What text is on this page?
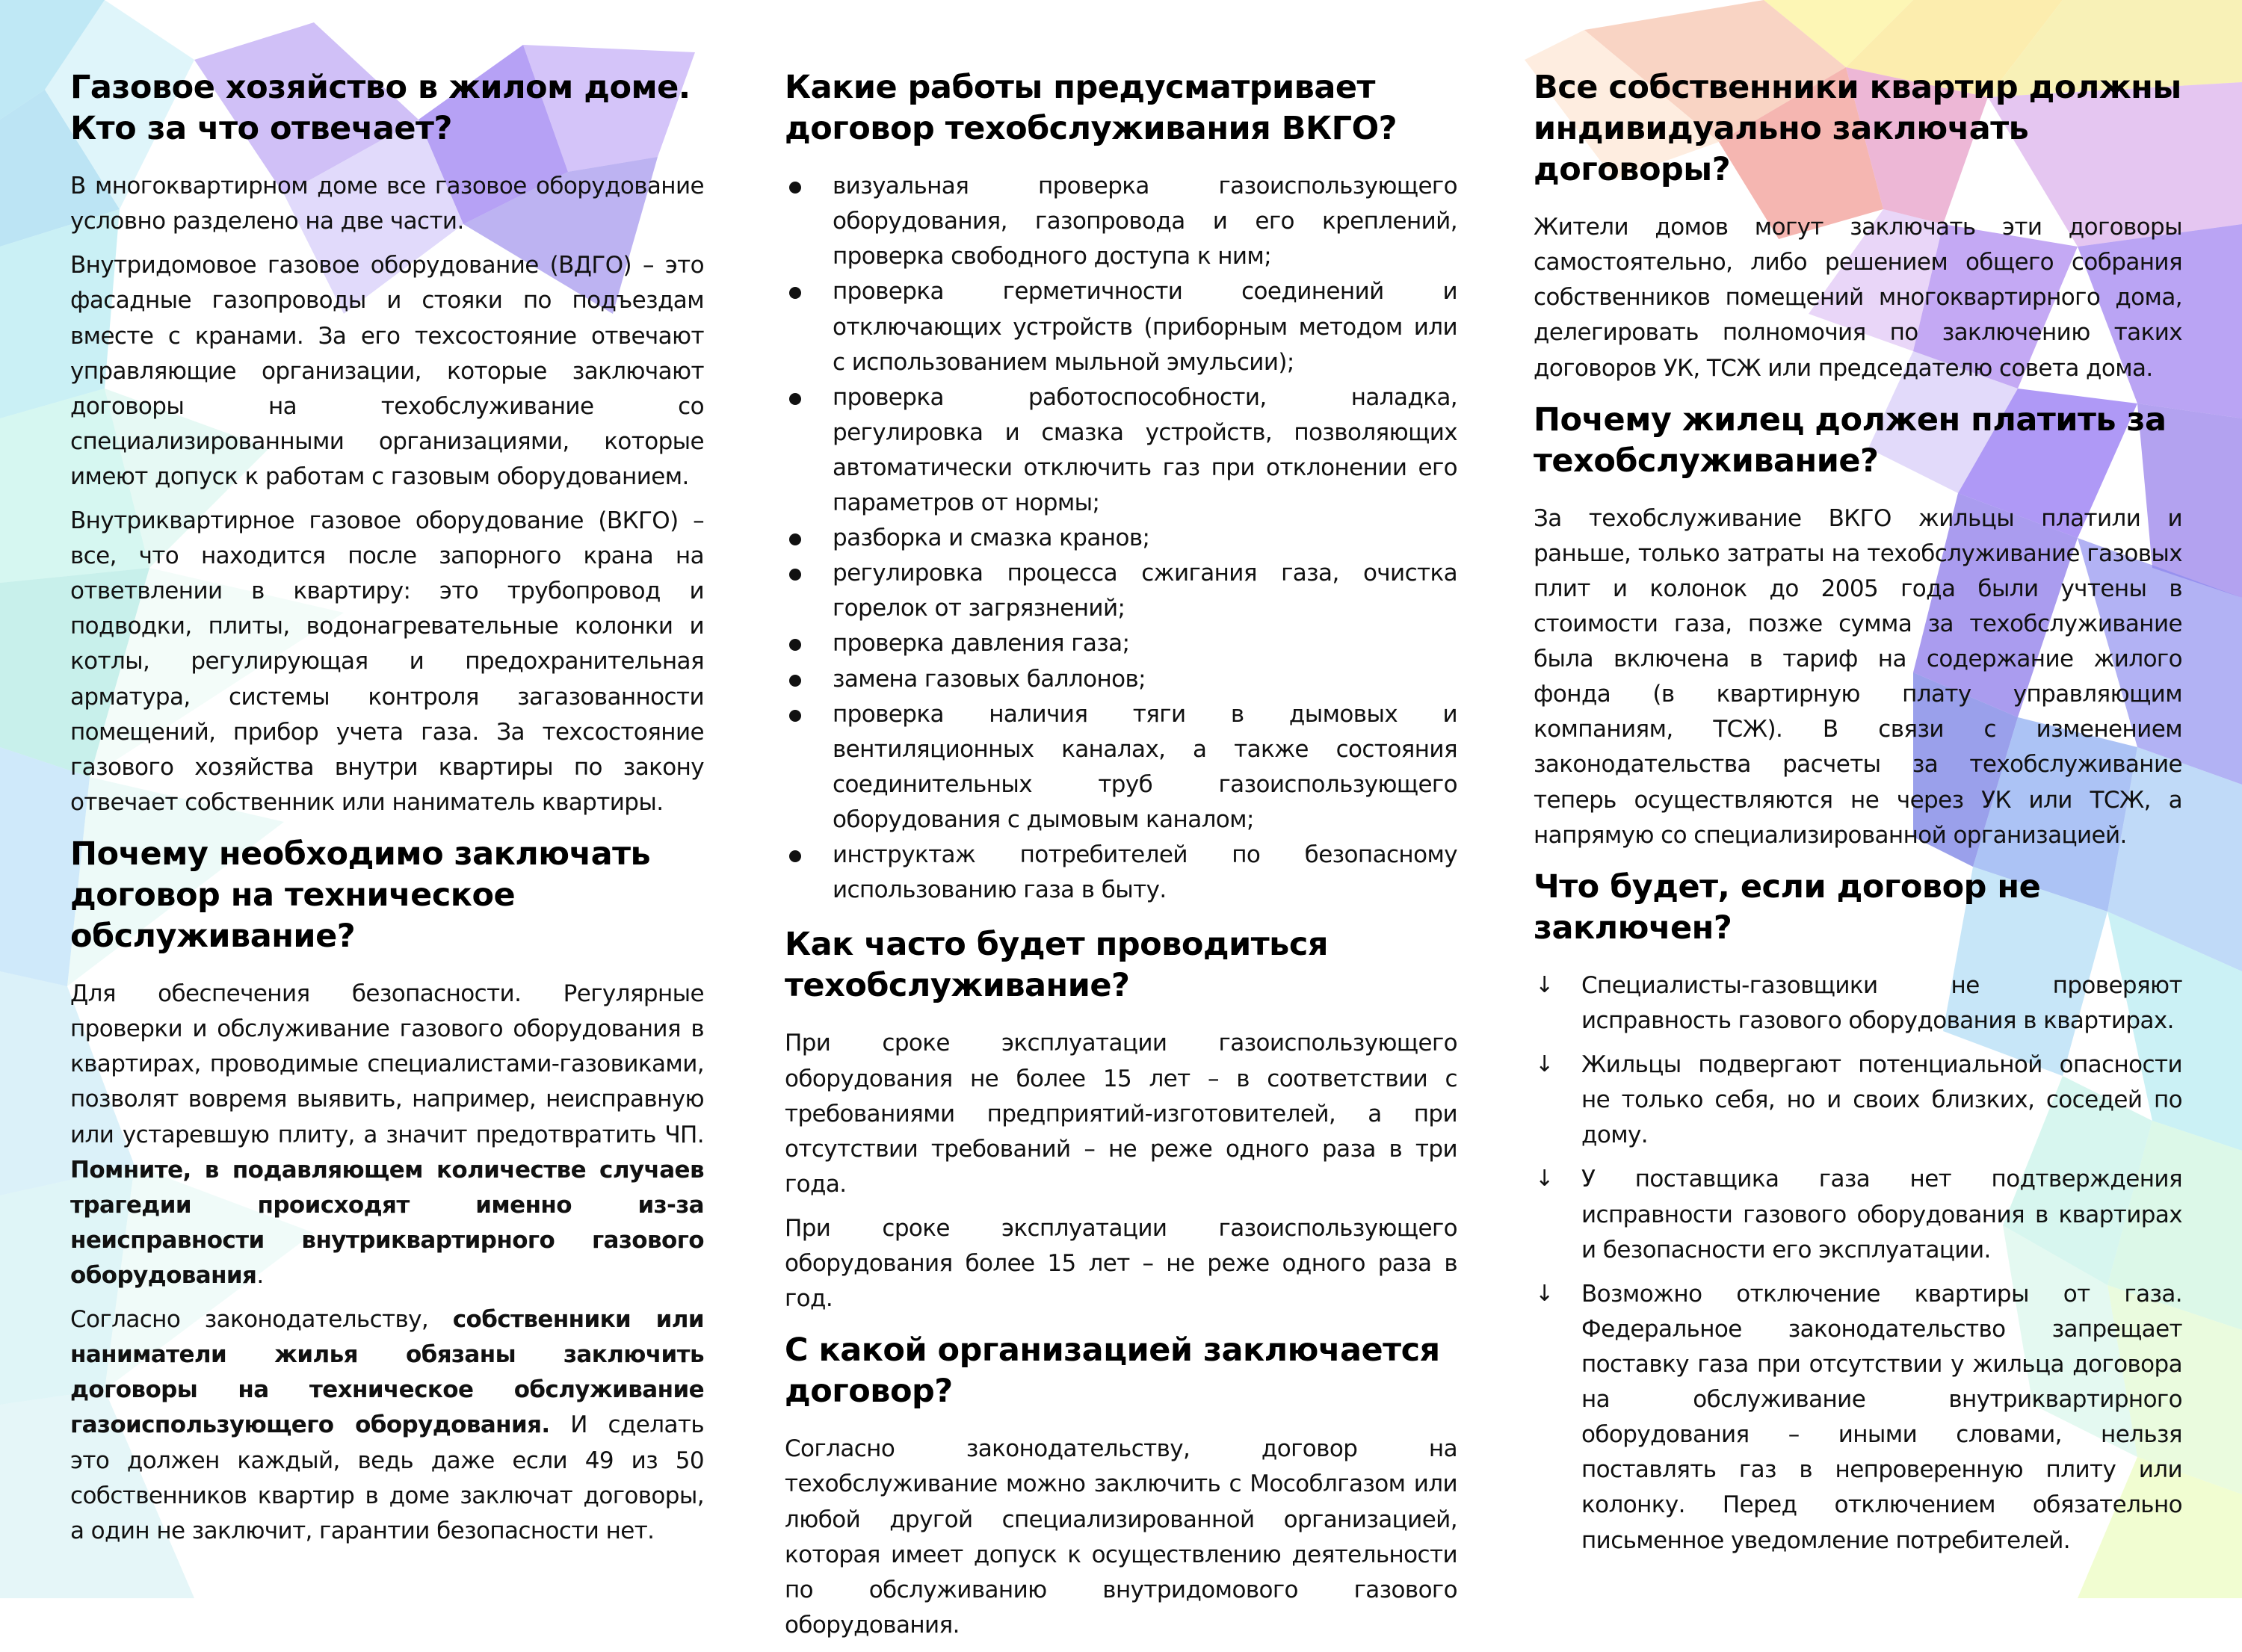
Газовое хозяйство в жилом доме. Кто за что отвечает?

В многоквартирном доме все газовое оборудование условно разделено на две части.

Внутридомовое газовое оборудование (ВДГО) – это фасадные газопроводы и стояки по подъездам вместе с кранами. За его техсостояние отвечают управляющие организации, которые заключают договоры на техобслуживание со специализированными организациями, которые имеют допуск к работам с газовым оборудованием.

Внутриквартирное газовое оборудование (ВКГО) – все, что находится после запорного крана на ответвлении в квартиру: это трубопровод и подводки, плиты, водонагревательные колонки и котлы, регулирующая и предохранительная арматура, системы контроля загазованности помещений, прибор учета газа. За техсостояние газового хозяйства внутри квартиры по закону отвечает собственник или наниматель квартиры.

Почему необходимо заключать договор на техническое обслуживание?

Для обеспечения безопасности. Регулярные проверки и обслуживание газового оборудования в квартирах, проводимые специалистами-газовиками, позволят вовремя выявить, например, неисправную или устаревшую плиту, а значит предотвратить ЧП. Помните, в подавляющем количестве случаев трагедии происходят именно из-за неисправности внутриквартирного газового оборудования.

Согласно законодательству, собственники или наниматели жилья обязаны заключить договоры на техническое обслуживание газоиспользующего оборудования. И сделать это должен каждый, ведь даже если 49 из 50 собственников квартир в доме заключат договоры, а один не заключит, гарантии безопасности нет.

Какие работы предусматривает договор техобслуживания ВКГО?
визуальная проверка газоиспользующего оборудования, газопровода и его креплений, проверка свободного доступа к ним;
проверка герметичности соединений и отключающих устройств (приборным методом или с использованием мыльной эмульсии);
проверка работоспособности, наладка, регулировка и смазка устройств, позволяющих автоматически отключить газ при отклонении его параметров от нормы;
разборка и смазка кранов;
регулировка процесса сжигания газа, очистка горелок от загрязнений;
проверка давления газа;
замена газовых баллонов;
проверка наличия тяги в дымовых и вентиляционных каналах, а также состояния соединительных труб газоиспользующего оборудования с дымовым каналом;
инструктаж потребителей по безопасному использованию газа в быту.
Как часто будет проводиться техобслуживание?

При сроке эксплуатации газоиспользующего оборудования не более 15 лет – в соответствии с требованиями предприятий-изготовителей, а при отсутствии требований – не реже одного раза в три года.

При сроке эксплуатации газоиспользующего оборудования более 15 лет – не реже одного раза в год.

С какой организацией заключается договор?

Согласно законодательству, договор на техобслуживание можно заключить с Мособлгазом или любой другой специализированной организацией, которая имеет допуск к осуществлению деятельности по обслуживанию внутридомового газового оборудования.

Все собственники квартир должны индивидуально заключать договоры?

Жители домов могут заключать эти договоры самостоятельно, либо решением общего собрания собственников помещений многоквартирного дома, делегировать полномочия по заключению таких договоров УК, ТСЖ или председателю совета дома.

Почему жилец должен платить за техобслуживание?

За техобслуживание ВКГО жильцы платили и раньше, только затраты на техобслуживание газовых плит и колонок до 2005 года были учтены в стоимости газа, позже сумма за техобслуживание была включена в тариф на содержание жилого фонда (в квартирную плату управляющим компаниям, ТСЖ). В связи с изменением законодательства расчеты за техобслуживание теперь осуществляются не через УК или ТСЖ, а напрямую со специализированной организацией.

Что будет, если договор не заключен?
↓ Специалисты-газовщики не проверяют исправность газового оборудования в квартирах.
↓ Жильцы подвергают потенциальной опасности не только себя, но и своих близких, соседей по дому.
↓ У поставщика газа нет подтверждения исправности газового оборудования в квартирах и безопасности его эксплуатации.
↓ Возможно отключение квартиры от газа. Федеральное законодательство запрещает поставку газа при отсутствии у жильца договора на обслуживание внутриквартирного оборудования – иными словами, нельзя поставлять газ в непроверенную плиту или колонку. Перед отключением обязательно письменное уведомление потребителей.
